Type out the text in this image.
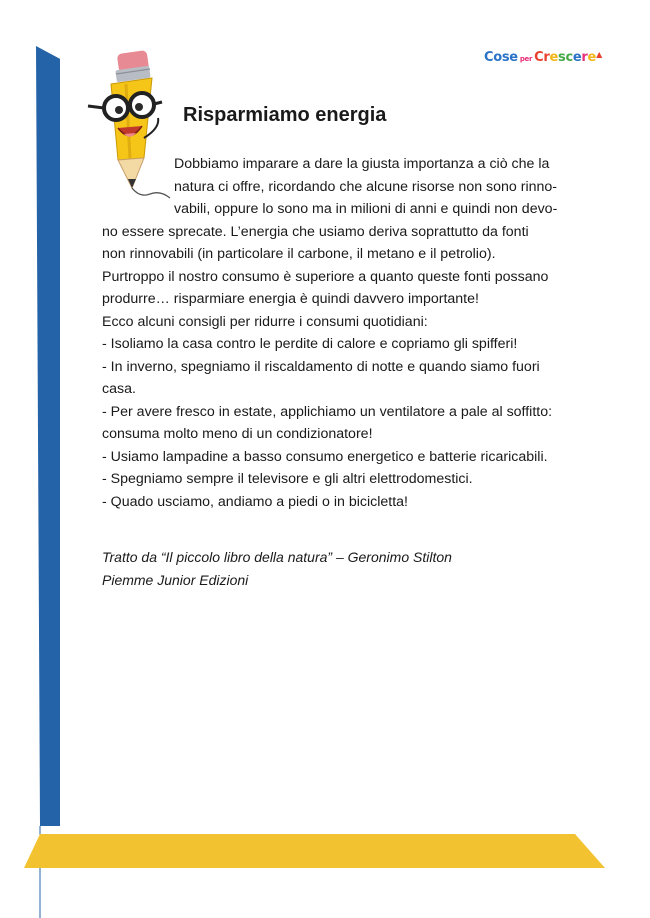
Cose per Crescere▲
Risparmiamo energia

Dobbiamo imparare a dare la giusta importanza a ciò che la

natura ci offre, ricordando che alcune risorse non sono rinno-

vabili, oppure lo sono ma in milioni di anni e quindi non devo-

no essere sprecate. L’energia che usiamo deriva soprattutto da fonti

non rinnovabili (in particolare il carbone, il metano e il petrolio).

Purtroppo il nostro consumo è superiore a quanto queste fonti possano

produrre… risparmiare energia è quindi davvero importante!

Ecco alcuni consigli per ridurre i consumi quotidiani:

- Isoliamo la casa contro le perdite di calore e copriamo gli spifferi!

- In inverno, spegniamo il riscaldamento di notte e quando siamo fuori

casa.

- Per avere fresco in estate, applichiamo un ventilatore a pale al soffitto:

consuma molto meno di un condizionatore!

- Usiamo lampadine a basso consumo energetico e batterie ricaricabili.

- Spegniamo sempre il televisore e gli altri elettrodomestici.

- Quado usciamo, andiamo a piedi o in bicicletta!

Tratto da “Il piccolo libro della natura” – Geronimo Stilton

Piemme Junior Edizioni
